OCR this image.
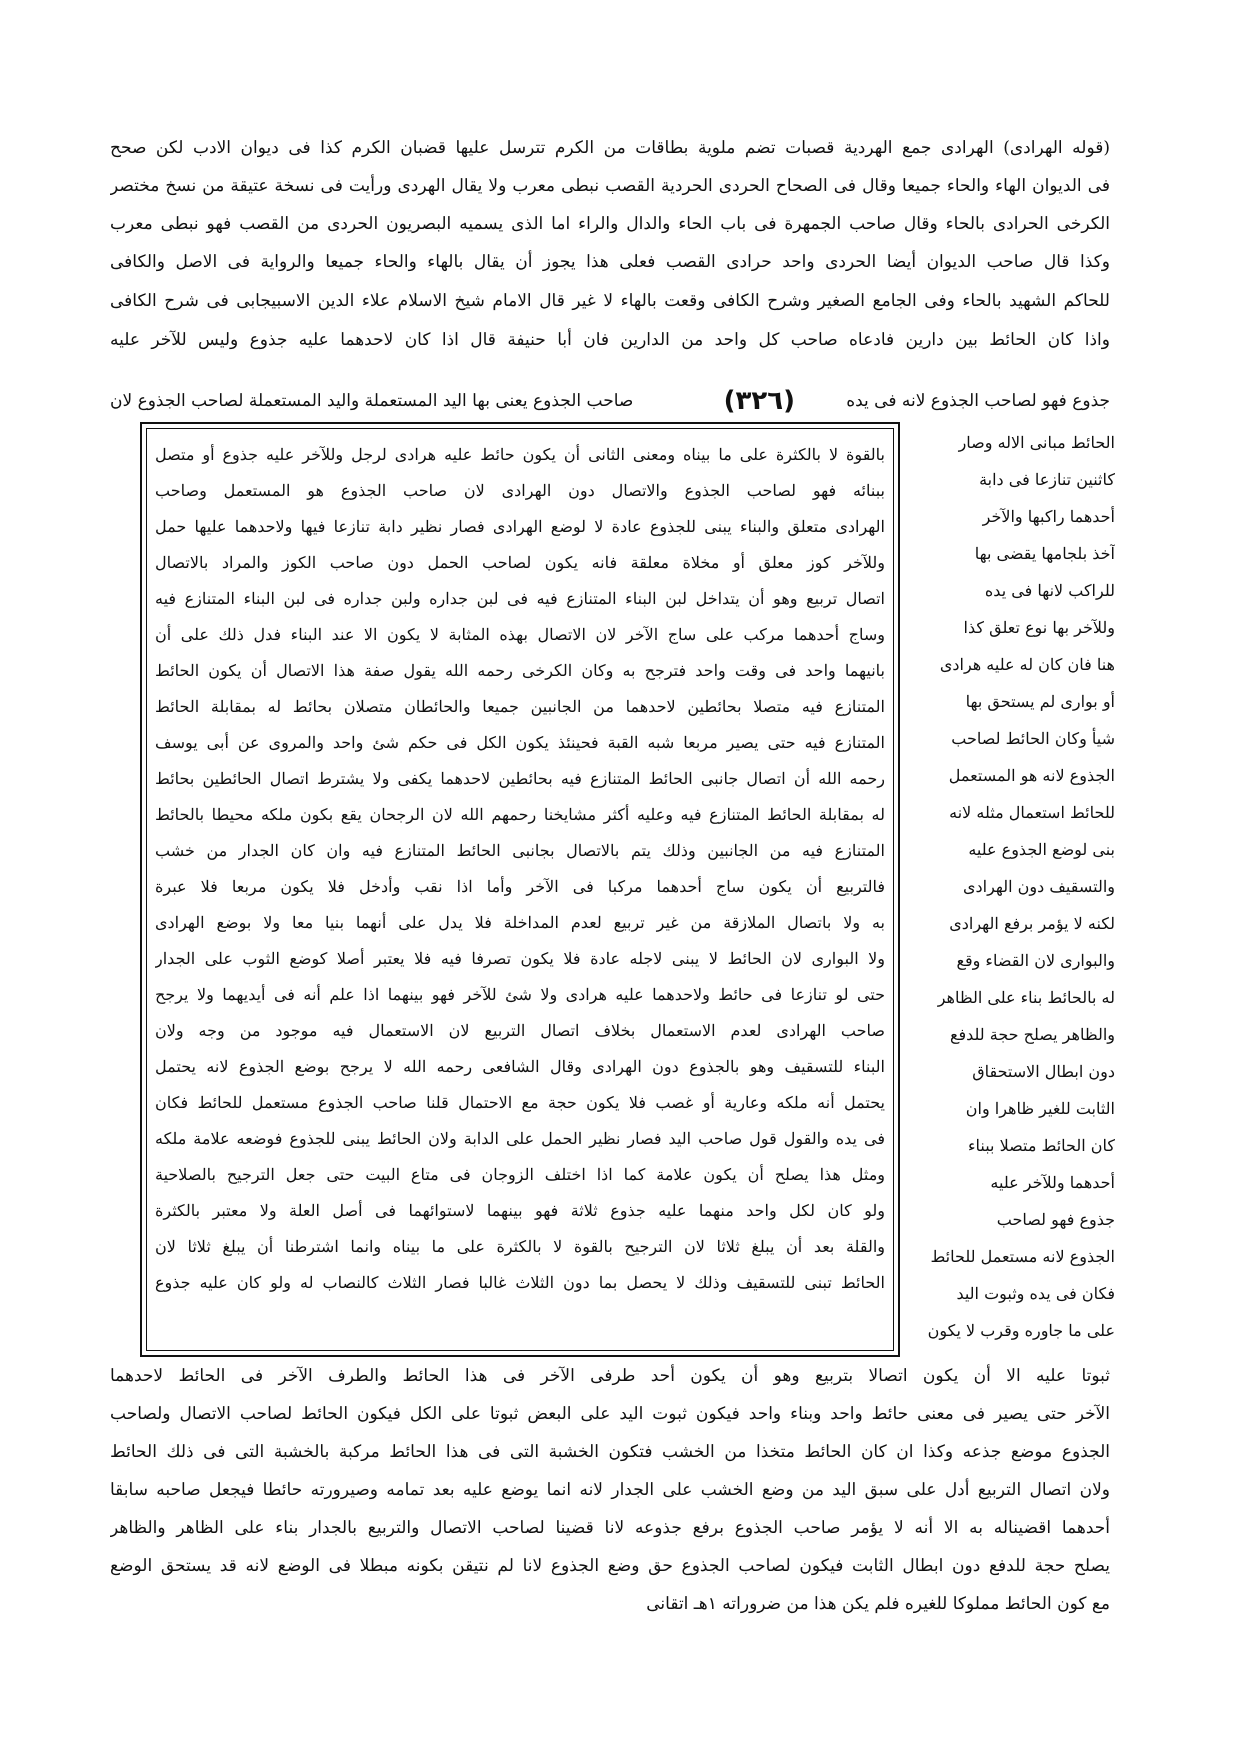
(قوله الهرادى) الهرادى جمع الهردية قصبات تضم ملوية بطاقات من الكرم تترسل عليها قضبان الكرم كذا فى ديوان الادب لكن صحح
فى الديوان الهاء والحاء جميعا وقال فى الصحاح الحردى الحردية القصب نبطى معرب ولا يقال الهردى ورأيت فى نسخة عتيقة من نسخ مختصر
الكرخى الحرادى بالحاء وقال صاحب الجمهرة فى باب الحاء والدال والراء اما الذى يسميه البصريون الحردى من القصب فهو نبطى معرب
وكذا قال صاحب الديوان أيضا الحردى واحد حرادى القصب فعلى هذا يجوز أن يقال بالهاء والحاء جميعا والرواية فى الاصل والكافى
للحاكم الشهيد بالحاء وفى الجامع الصغير وشرح الكافى وقعت بالهاء لا غير قال الامام شيخ الاسلام علاء الدين الاسبيجابى فى شرح الكافى
واذا كان الحائط بين دارين فادعاه صاحب كل واحد من الدارين فان أبا حنيفة قال اذا كان لاحدهما عليه جذوع وليس للآخر عليه
جذوع فهو لصاحب الجذوع لانه فى يده
(٣٢٦)
صاحب الجذوع يعنى بها اليد المستعملة واليد المستعملة لصاحب الجذوع لان
بالقوة لا بالكثرة على ما بيناه ومعنى الثانى أن يكون حائط عليه هرادى لرجل وللآخر عليه جذوع أو متصل
ببنائه فهو لصاحب الجذوع والاتصال دون الهرادى لان صاحب الجذوع هو المستعمل وصاحب
الهرادى متعلق والبناء يبنى للجذوع عادة لا لوضع الهرادى فصار نظير دابة تنازعا فيها ولاحدهما عليها حمل
وللآخر كوز معلق أو مخلاة معلقة فانه يكون لصاحب الحمل دون صاحب الكوز والمراد بالاتصال
اتصال تربيع وهو أن يتداخل لبن البناء المتنازع فيه فى لبن جداره ولبن جداره فى لبن البناء المتنازع فيه
وساج أحدهما مركب على ساج الآخر لان الاتصال بهذه المثابة لا يكون الا عند البناء فدل ذلك على أن
بانيهما واحد فى وقت واحد فترجح به وكان الكرخى رحمه الله يقول صفة هذا الاتصال أن يكون الحائط
المتنازع فيه متصلا بحائطين لاحدهما من الجانبين جميعا والحائطان متصلان بحائط له بمقابلة الحائط
المتنازع فيه حتى يصير مربعا شبه القبة فحينئذ يكون الكل فى حكم شئ واحد والمروى عن أبى يوسف
رحمه الله أن اتصال جانبى الحائط المتنازع فيه بحائطين لاحدهما يكفى ولا يشترط اتصال الحائطين بحائط
له بمقابلة الحائط المتنازع فيه وعليه أكثر مشايخنا رحمهم الله لان الرجحان يقع بكون ملكه محيطا بالحائط
المتنازع فيه من الجانبين وذلك يتم بالاتصال بجانبى الحائط المتنازع فيه وان كان الجدار من خشب
فالتربيع أن يكون ساج أحدهما مركبا فى الآخر وأما اذا نقب وأدخل فلا يكون مربعا فلا عبرة
به ولا باتصال الملازقة من غير تربيع لعدم المداخلة فلا يدل على أنهما بنيا معا ولا بوضع الهرادى
ولا البوارى لان الحائط لا يبنى لاجله عادة فلا يكون تصرفا فيه فلا يعتبر أصلا كوضع الثوب على الجدار
حتى لو تنازعا فى حائط ولاحدهما عليه هرادى ولا شئ للآخر فهو بينهما اذا علم أنه فى أيديهما ولا يرجح
صاحب الهرادى لعدم الاستعمال بخلاف اتصال التربيع لان الاستعمال فيه موجود من وجه ولان
البناء للتسقيف وهو بالجذوع دون الهرادى وقال الشافعى رحمه الله لا يرجح بوضع الجذوع لانه يحتمل
يحتمل أنه ملكه وعارية أو غصب فلا يكون حجة مع الاحتمال قلنا صاحب الجذوع مستعمل للحائط فكان
فى يده والقول قول صاحب اليد فصار نظير الحمل على الدابة ولان الحائط يبنى للجذوع فوضعه علامة ملكه
ومثل هذا يصلح أن يكون علامة كما اذا اختلف الزوجان فى متاع البيت حتى جعل الترجيح بالصلاحية
ولو كان لكل واحد منهما عليه جذوع ثلاثة فهو بينهما لاستوائهما فى أصل العلة ولا معتبر بالكثرة
والقلة بعد أن يبلغ ثلاثا لان الترجيح بالقوة لا بالكثرة على ما بيناه وانما اشترطنا أن يبلغ ثلاثا لان
الحائط تبنى للتسقيف وذلك لا يحصل بما دون الثلاث غالبا فصار الثلاث كالنصاب له ولو كان عليه جذوع
الحائط مبانى الاله وصار
كاثنين تنازعا فى دابة
أحدهما راكبها والآخر
آخذ بلجامها يقضى بها
للراكب لانها فى يده
وللآخر بها نوع تعلق كذا
هنا فان كان له عليه هرادى
أو بوارى لم يستحق بها
شيأ وكان الحائط لصاحب
الجذوع لانه هو المستعمل
للحائط استعمال مثله لانه
بنى لوضع الجذوع عليه
والتسقيف دون الهرادى
لكنه لا يؤمر برفع الهرادى
والبوارى لان القضاء وقع
له بالحائط بناء على الظاهر
والظاهر يصلح حجة للدفع
دون ابطال الاستحقاق
الثابت للغير ظاهرا وان
كان الحائط متصلا ببناء
أحدهما وللآخر عليه
جذوع فهو لصاحب
الجذوع لانه مستعمل للحائط
فكان فى يده وثبوت اليد
على ما جاوره وقرب لا يكون
ثبوتا عليه الا أن يكون اتصالا بتربيع وهو أن يكون أحد طرفى الآخر فى هذا الحائط والطرف الآخر فى الحائط لاحدهما
الآخر حتى يصير فى معنى حائط واحد وبناء واحد فيكون ثبوت اليد على البعض ثبوتا على الكل فيكون الحائط لصاحب الاتصال ولصاحب
الجذوع موضع جذعه وكذا ان كان الحائط متخذا من الخشب فتكون الخشبة التى فى هذا الحائط مركبة بالخشبة التى فى ذلك الحائط
ولان اتصال التربيع أدل على سبق اليد من وضع الخشب على الجدار لانه انما يوضع عليه بعد تمامه وصيرورته حائطا فيجعل صاحبه سابقا
أحدهما اقضيناله به الا أنه لا يؤمر صاحب الجذوع برفع جذوعه لانا قضينا لصاحب الاتصال والتربيع بالجدار بناء على الظاهر والظاهر
يصلح حجة للدفع دون ابطال الثابت فيكون لصاحب الجذوع حق وضع الجذوع لانا لم نتيقن بكونه مبطلا فى الوضع لانه قد يستحق الوضع
مع كون الحائط مملوكا للغيره فلم يكن هذا من ضروراته ١هـ اتقانى
